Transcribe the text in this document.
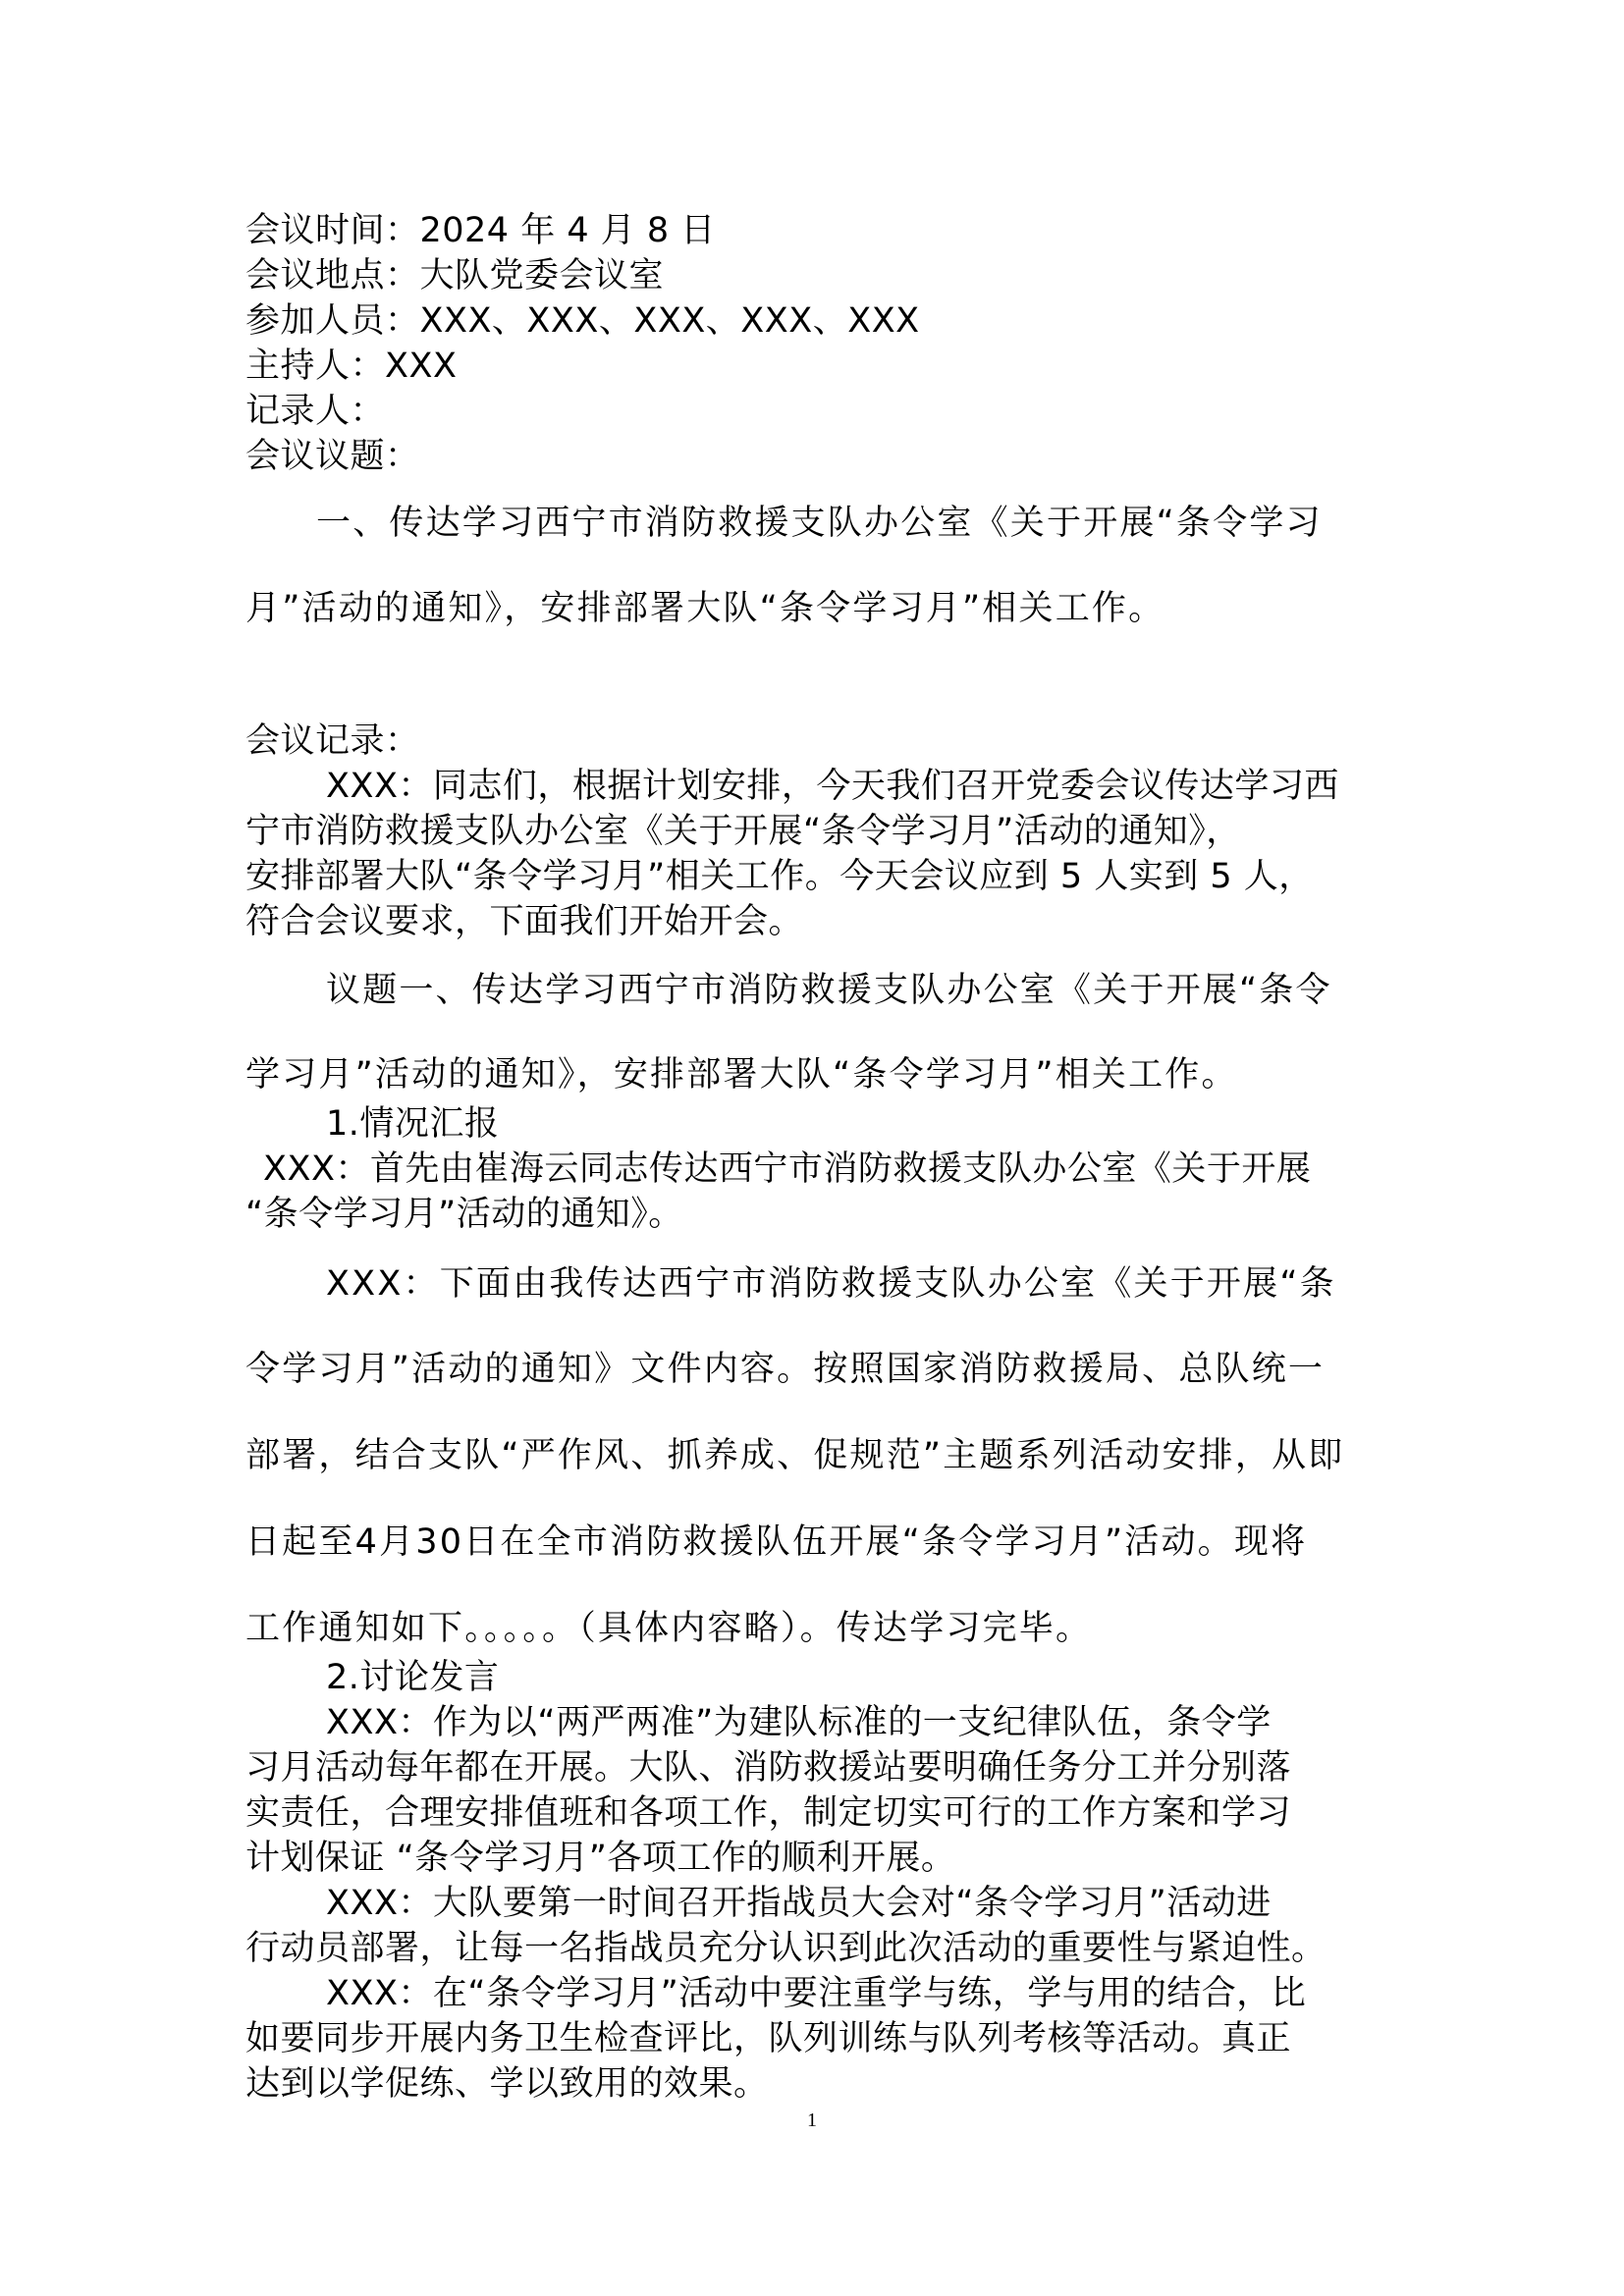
会议时间：2024 年 4 月 8 日

会议地点：大队党委会议室

参加人员：XXX、XXX、XXX、XXX、XXX

主持人：XXX

记录人：

会议议题：

一、传达学习西宁市消防救援支队办公室《关于开展“条令学习

月”活动的通知》，安排部署大队“条令学习月”相关工作。

会议记录：

XXX：同志们，根据计划安排，今天我们召开党委会议传达学习西

宁市消防救援支队办公室《关于开展“条令学习月”活动的通知》，

安排部署大队“条令学习月”相关工作。今天会议应到 5 人实到 5 人，

符合会议要求，下面我们开始开会。

议题一、传达学习西宁市消防救援支队办公室《关于开展“条令

学习月”活动的通知》，安排部署大队“条令学习月”相关工作。

1.情况汇报

XXX：首先由崔海云同志传达西宁市消防救援支队办公室《关于开展

“条令学习月”活动的通知》。

XXX：下面由我传达西宁市消防救援支队办公室《关于开展“条

令学习月”活动的通知》文件内容。按照国家消防救援局、总队统一

部署，结合支队“严作风、抓养成、促规范”主题系列活动安排，从即

日起至4月30日在全市消防救援队伍开展“条令学习月”活动。现将

工作通知如下。。。。。（具体内容略）。传达学习完毕。

2.讨论发言

XXX：作为以“两严两准”为建队标准的一支纪律队伍，条令学

习月活动每年都在开展。大队、消防救援站要明确任务分工并分别落

实责任，合理安排值班和各项工作，制定切实可行的工作方案和学习

计划保证 “条令学习月”各项工作的顺利开展。

XXX：大队要第一时间召开指战员大会对“条令学习月”活动进

行动员部署，让每一名指战员充分认识到此次活动的重要性与紧迫性。

XXX：在“条令学习月”活动中要注重学与练，学与用的结合，比

如要同步开展内务卫生检查评比，队列训练与队列考核等活动。真正

达到以学促练、学以致用的效果。

1
